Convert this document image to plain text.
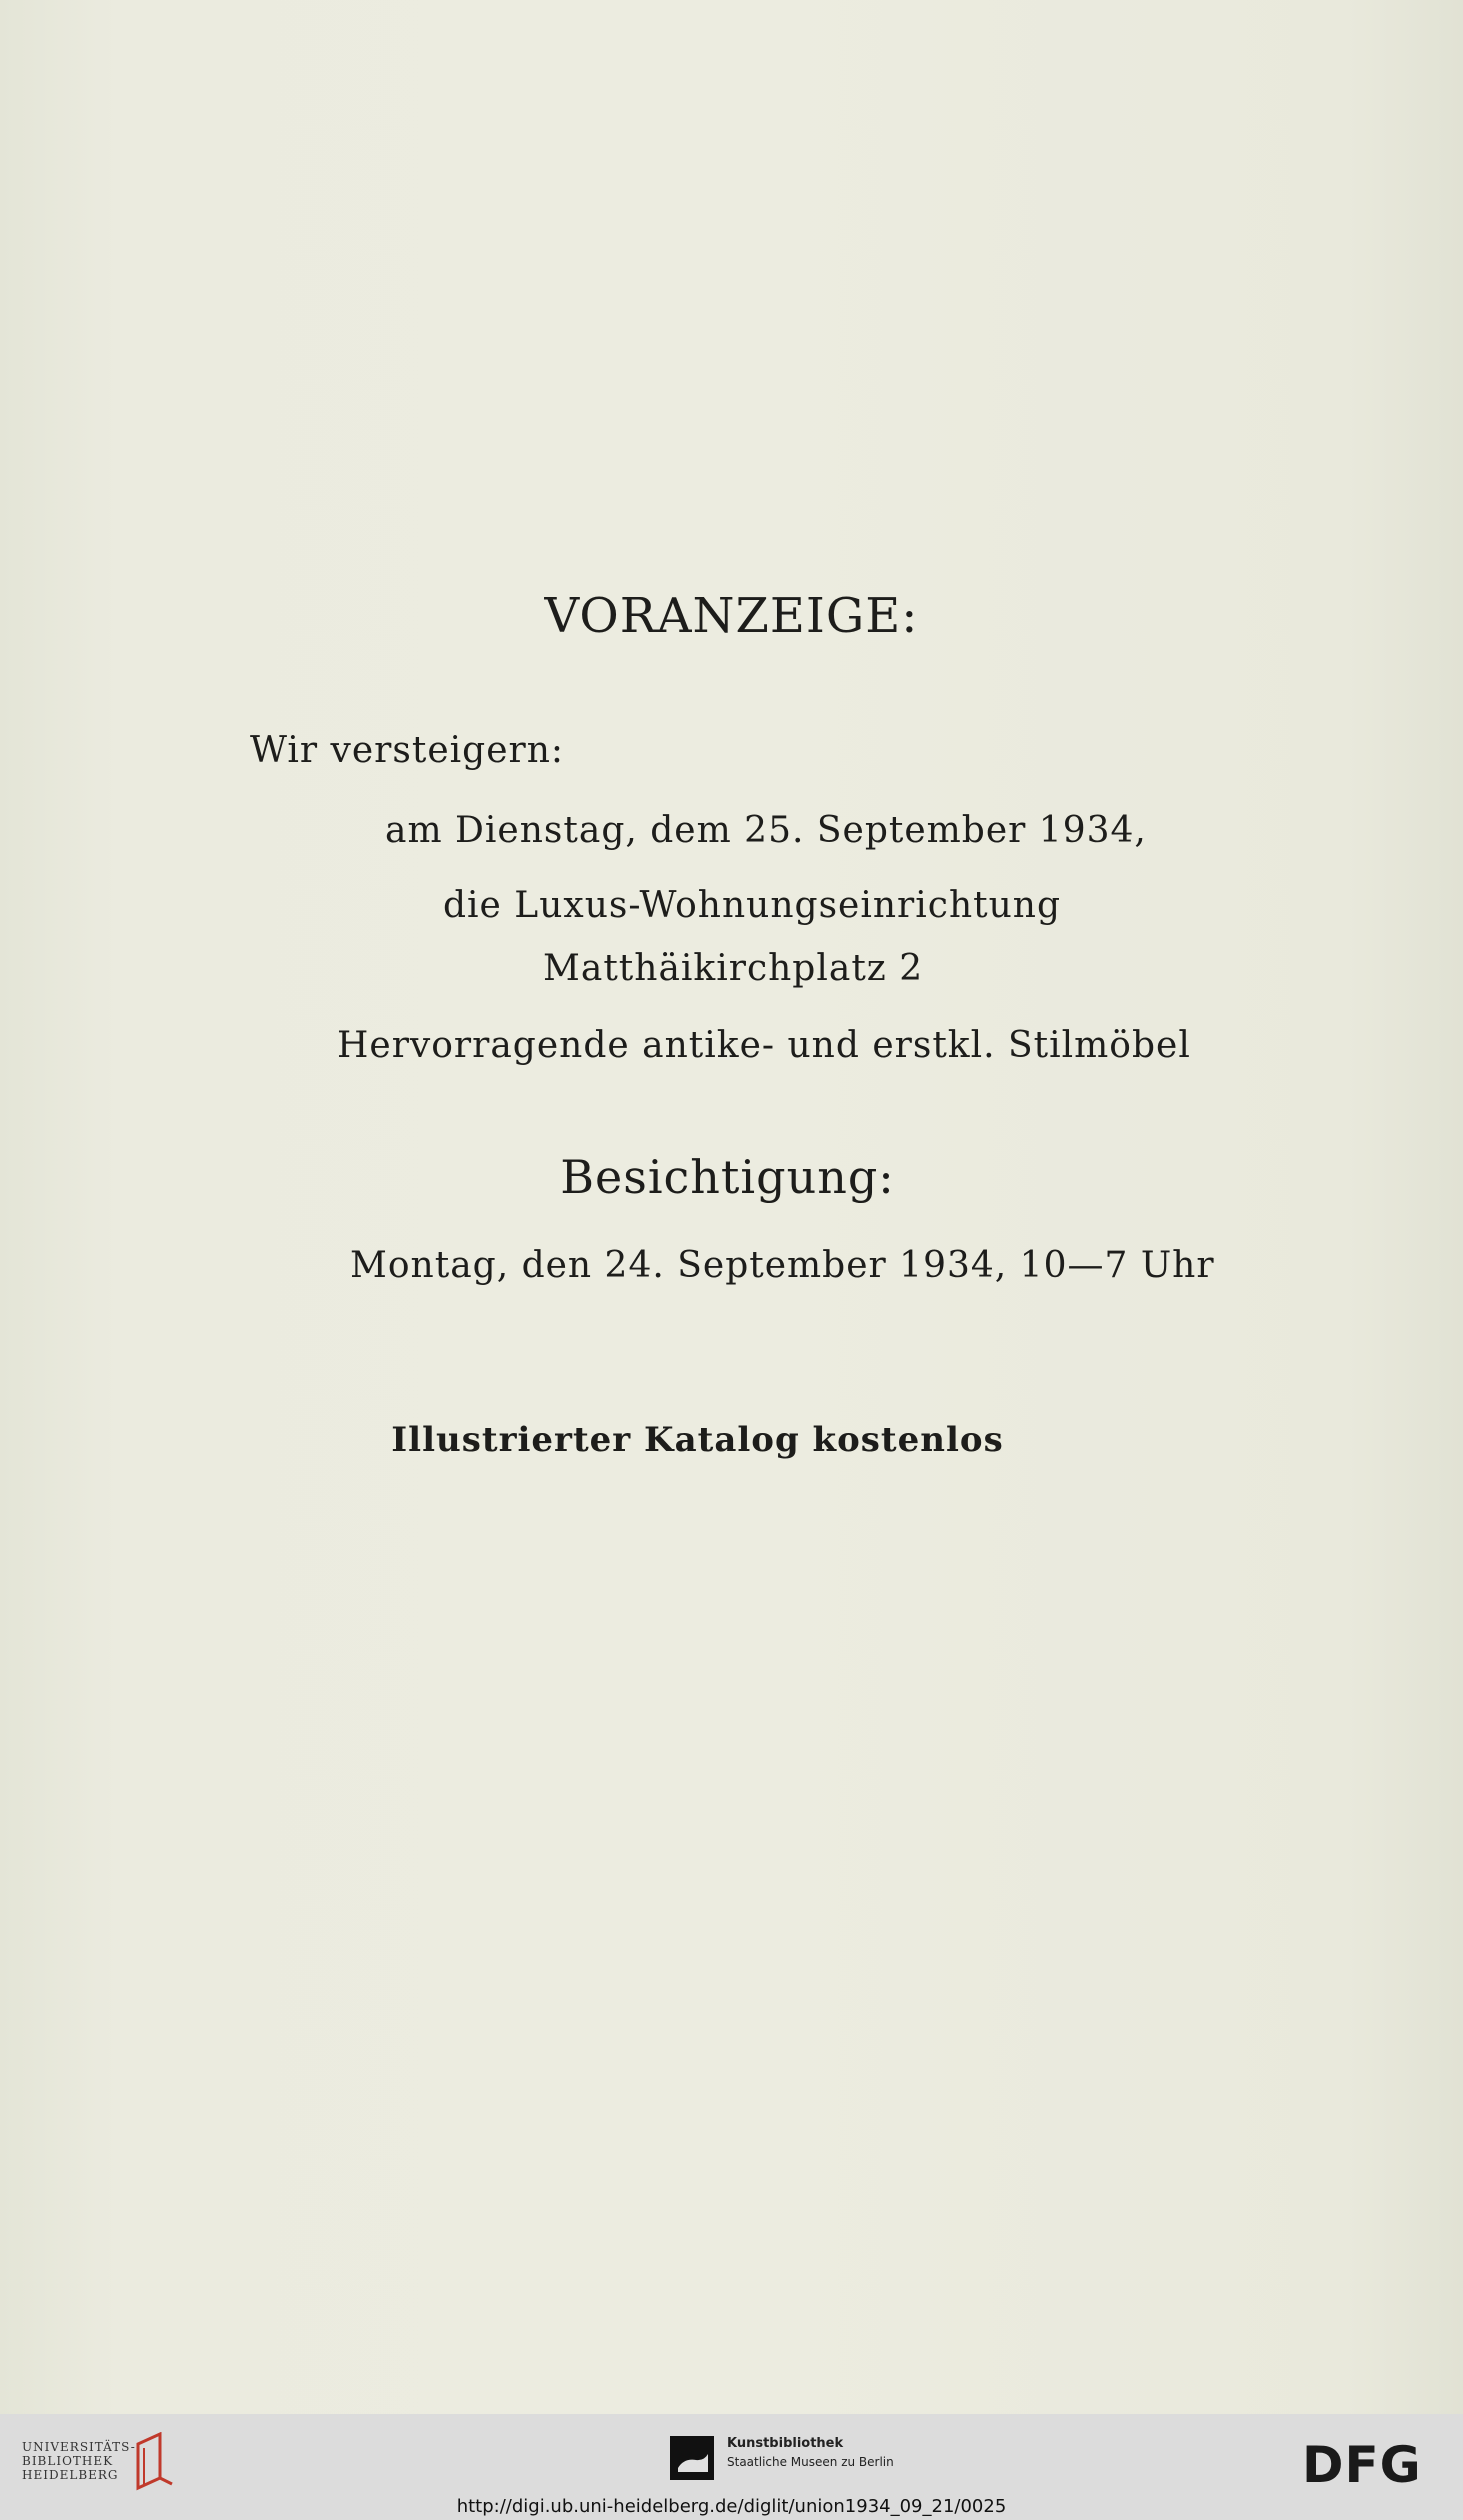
VORANZEIGE:
Wir versteigern:
am Dienstag, dem 25. September 1934,
die Luxus-Wohnungseinrichtung
Matthäikirchplatz 2
Hervorragende antike- und erstkl. Stilmöbel
Besichtigung:
Montag, den 24. September 1934, 10—7 Uhr
Illustrierter Katalog kostenlos
UNIVERSITÄTS-
BIBLIOTHEK
HEIDELBERG
Kunstbibliothek
Staatliche Museen zu Berlin	DFG
http://digi.ub.uni-heidelberg.de/diglit/union1934_09_21/0025
